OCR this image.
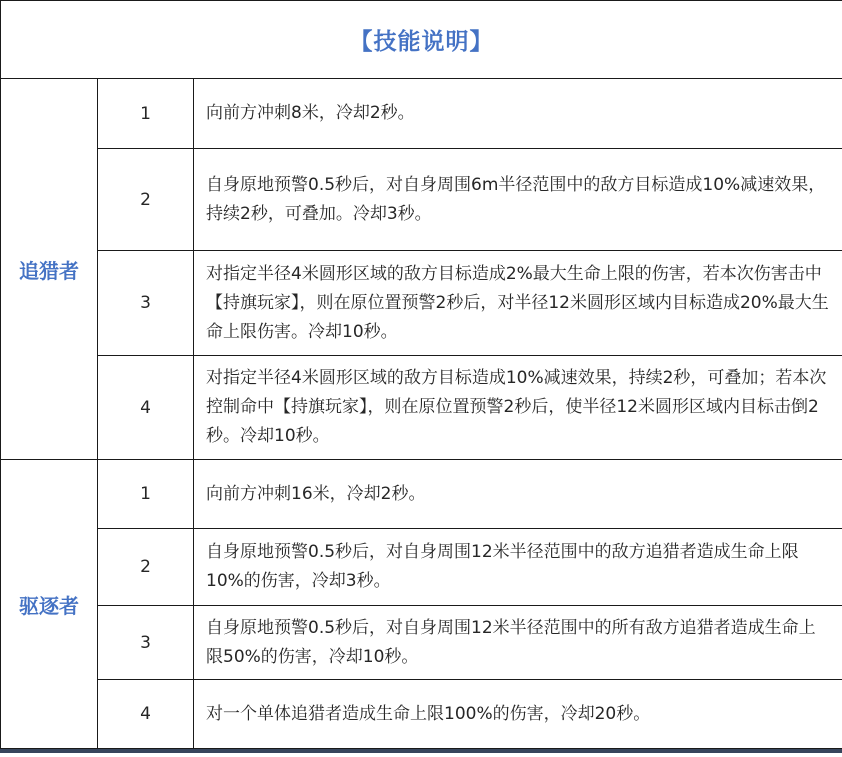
【技能说明】		
追猎者	1	向前方冲刺8米，冷却2秒。
	2	自身原地预警0.5秒后，对自身周围6m半径范围中的敌方目标造成10%减速效果，持续2秒，可叠加。冷却3秒。
	3	对指定半径4米圆形区域的敌方目标造成2%最大生命上限的伤害，若本次伤害击中【持旗玩家】，则在原位置预警2秒后，对半径12米圆形区域内目标造成20%最大生命上限伤害。冷却10秒。
	4	对指定半径4米圆形区域的敌方目标造成10%减速效果，持续2秒，可叠加；若本次控制命中【持旗玩家】，则在原位置预警2秒后，使半径12米圆形区域内目标击倒2秒。冷却10秒。
驱逐者	1	向前方冲刺16米，冷却2秒。
	2	自身原地预警0.5秒后，对自身周围12米半径范围中的敌方追猎者造成生命上限10%的伤害，冷却3秒。
	3	自身原地预警0.5秒后，对自身周围12米半径范围中的所有敌方追猎者造成生命上限50%的伤害，冷却10秒。
	4	对一个单体追猎者造成生命上限100%的伤害，冷却20秒。
